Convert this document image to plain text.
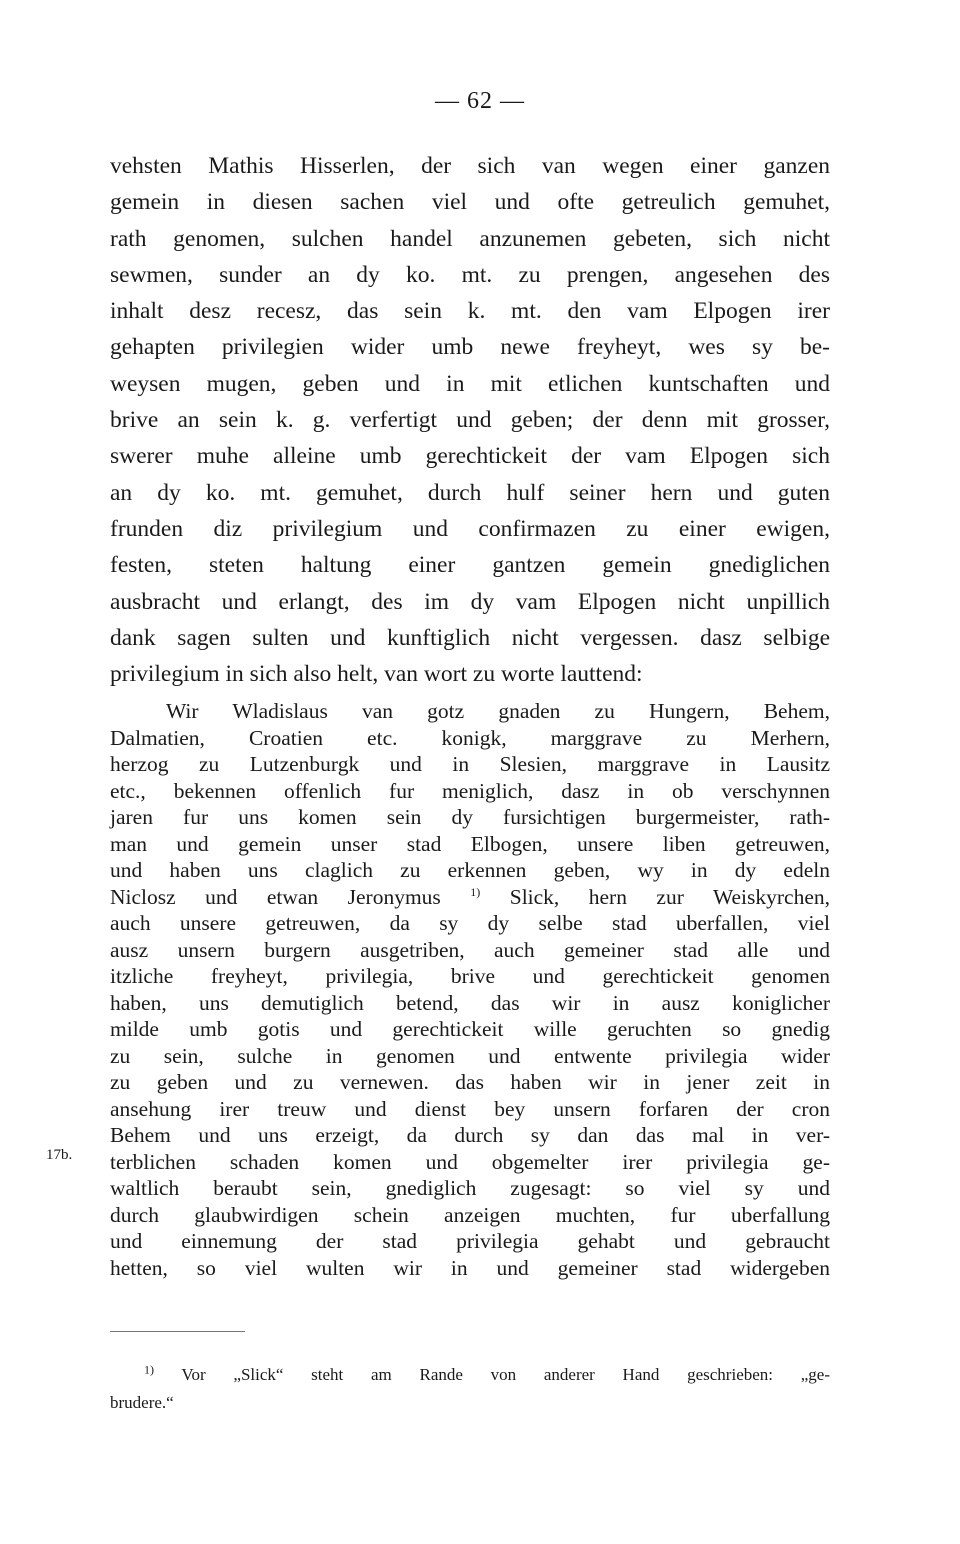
— 62 —
vehsten Mathis Hisserlen, der sich van wegen einer ganzen
gemein in diesen sachen viel und ofte getreulich gemuhet,
rath genomen, sulchen handel anzunemen gebeten, sich nicht
sewmen, sunder an dy ko. mt. zu prengen, angesehen des
inhalt desz recesz, das sein k. mt. den vam Elpogen irer
gehapten privilegien wider umb newe freyheyt, wes sy be-
weysen mugen, geben und in mit etlichen kuntschaften und
brive an sein k. g. verfertigt und geben; der denn mit grosser,
swerer muhe alleine umb gerechtickeit der vam Elpogen sich
an dy ko. mt. gemuhet, durch hulf seiner hern und guten
frunden diz privilegium und confirmazen zu einer ewigen,
festen, steten haltung einer gantzen gemein gnediglichen
ausbracht und erlangt, des im dy vam Elpogen nicht unpillich
dank sagen sulten und kunftiglich nicht vergessen. dasz selbige
privilegium in sich also helt, van wort zu worte lauttend:
Wir Wladislaus van gotz gnaden zu Hungern, Behem,
Dalmatien, Croatien etc. konigk, marggrave zu Merhern,
herzog zu Lutzenburgk und in Slesien, marggrave in Lausitz
etc., bekennen offenlich fur meniglich, dasz in ob verschynnen
jaren fur uns komen sein dy fursichtigen burgermeister, rath-
man und gemein unser stad Elbogen, unsere liben getreuwen,
und haben uns claglich zu erkennen geben, wy in dy edeln
Niclosz und etwan Jeronymus $^{1)}$ Slick, hern zur Weiskyrchen,
auch unsere getreuwen, da sy dy selbe stad uberfallen, viel
ausz unsern burgern ausgetriben, auch gemeiner stad alle und
itzliche freyheyt, privilegia, brive und gerechtickeit genomen
haben, uns demutiglich betend, das wir in ausz koniglicher
milde umb gotis und gerechtickeit wille geruchten so gnedig
zu sein, sulche in genomen und entwente privilegia wider
zu geben und zu vernewen. das haben wir in jener zeit in
ansehung irer treuw und dienst bey unsern forfaren der cron
Behem und uns erzeigt, da durch sy dan das mal in ver-
terblichen schaden komen und obgemelter irer privilegia ge-
waltlich beraubt sein, gnediglich zugesagt: so viel sy und
durch glaubwirdigen schein anzeigen muchten, fur uberfallung
und einnemung der stad privilegia gehabt und gebraucht
hetten, so viel wulten wir in und gemeiner stad widergeben
17b.
$^{1)}$ Vor „Slick“ steht am Rande von anderer Hand geschrieben: „ge-
brudere.“
